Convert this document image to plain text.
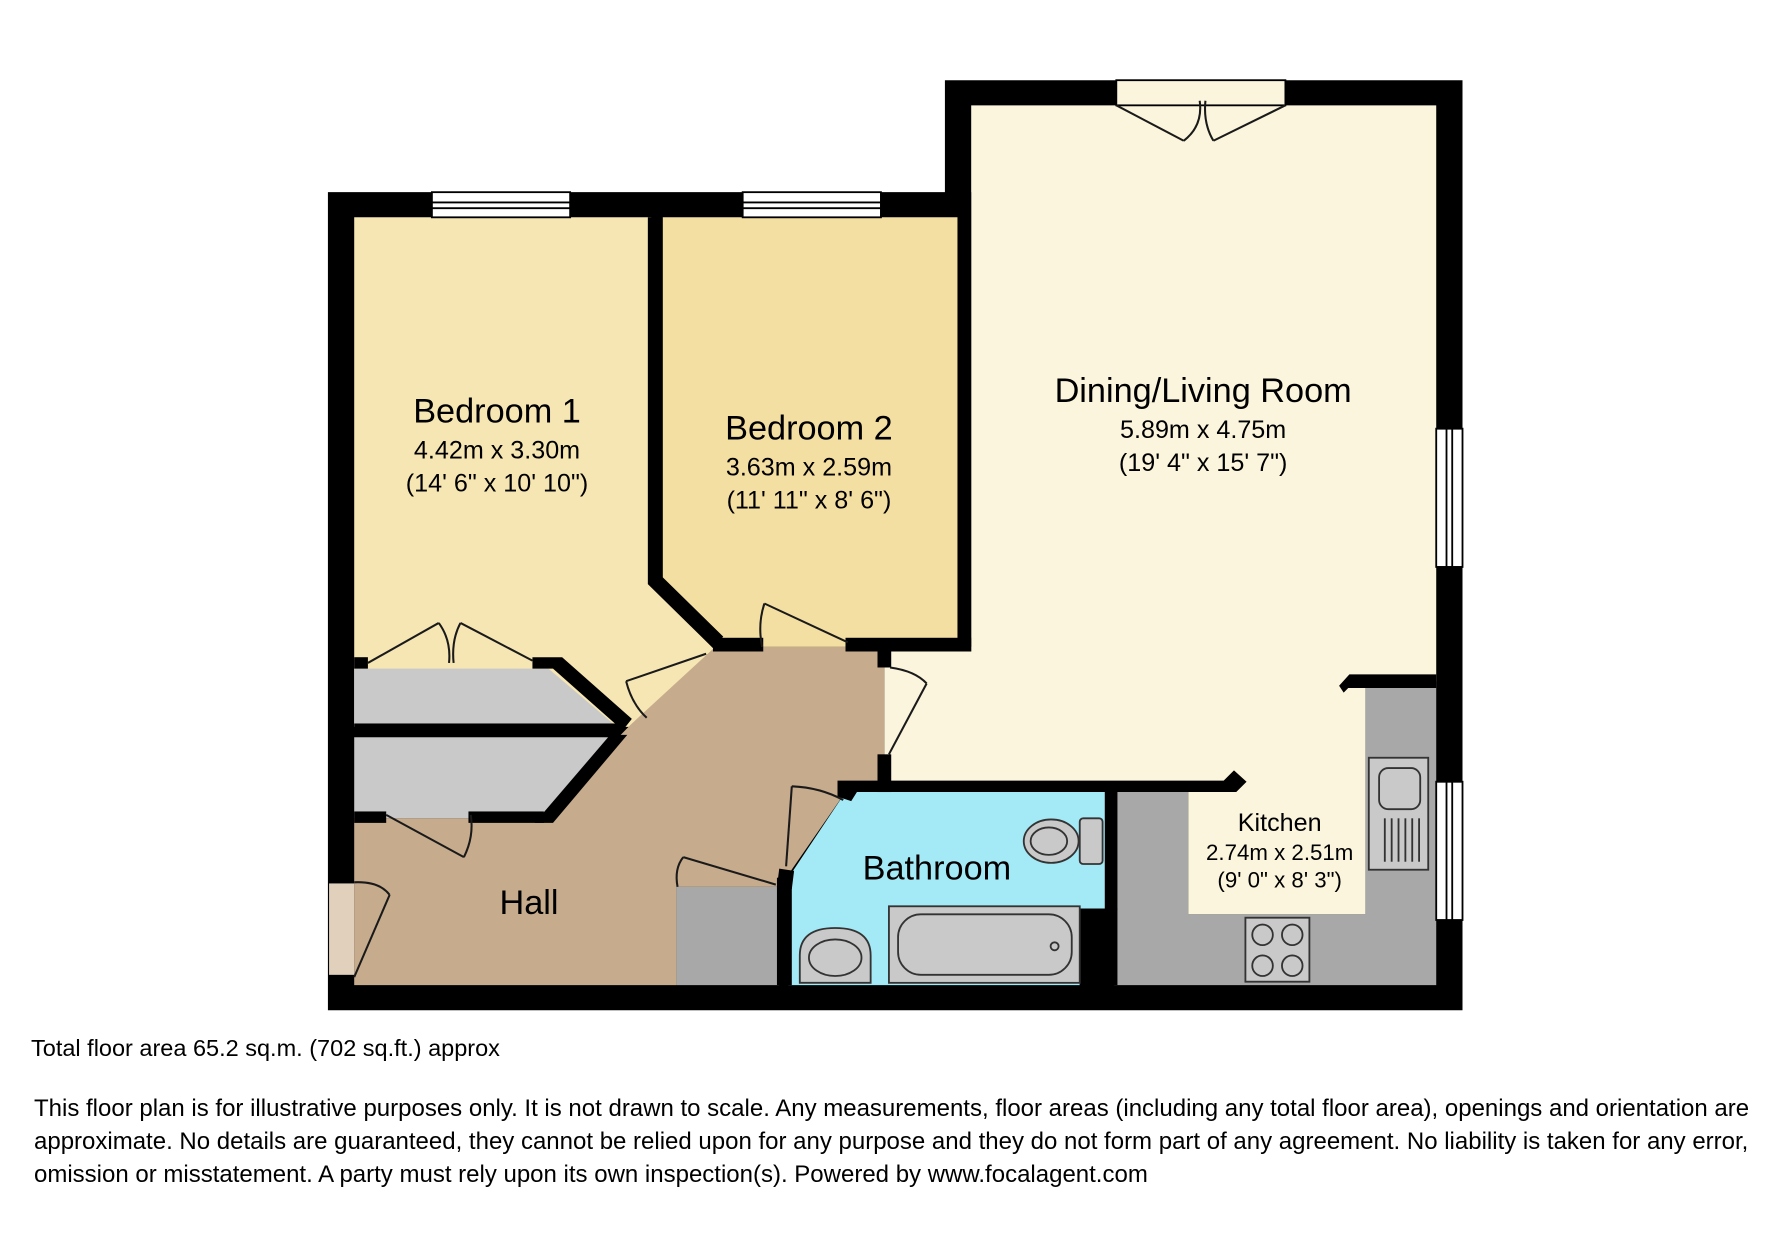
Bedroom 1
4.42m x 3.30m
(14' 6" x 10' 10")
Bedroom 2
3.63m x 2.59m
(11' 11" x 8' 6")
Dining/Living Room
5.89m x 4.75m
(19' 4" x 15' 7")
Kitchen
2.74m x 2.51m
(9' 0" x 8' 3")
Bathroom
Hall
Total floor area 65.2 sq.m. (702 sq.ft.) approx
This floor plan is for illustrative purposes only. It is not drawn to scale. Any measurements, floor areas (including any total floor area), openings and orientation are approximate. No details are guaranteed, they cannot be relied upon for any purpose and they do not form part of any agreement. No liability is taken for any error, omission or misstatement. A party must rely upon its own inspection(s). Powered by www.focalagent.com
